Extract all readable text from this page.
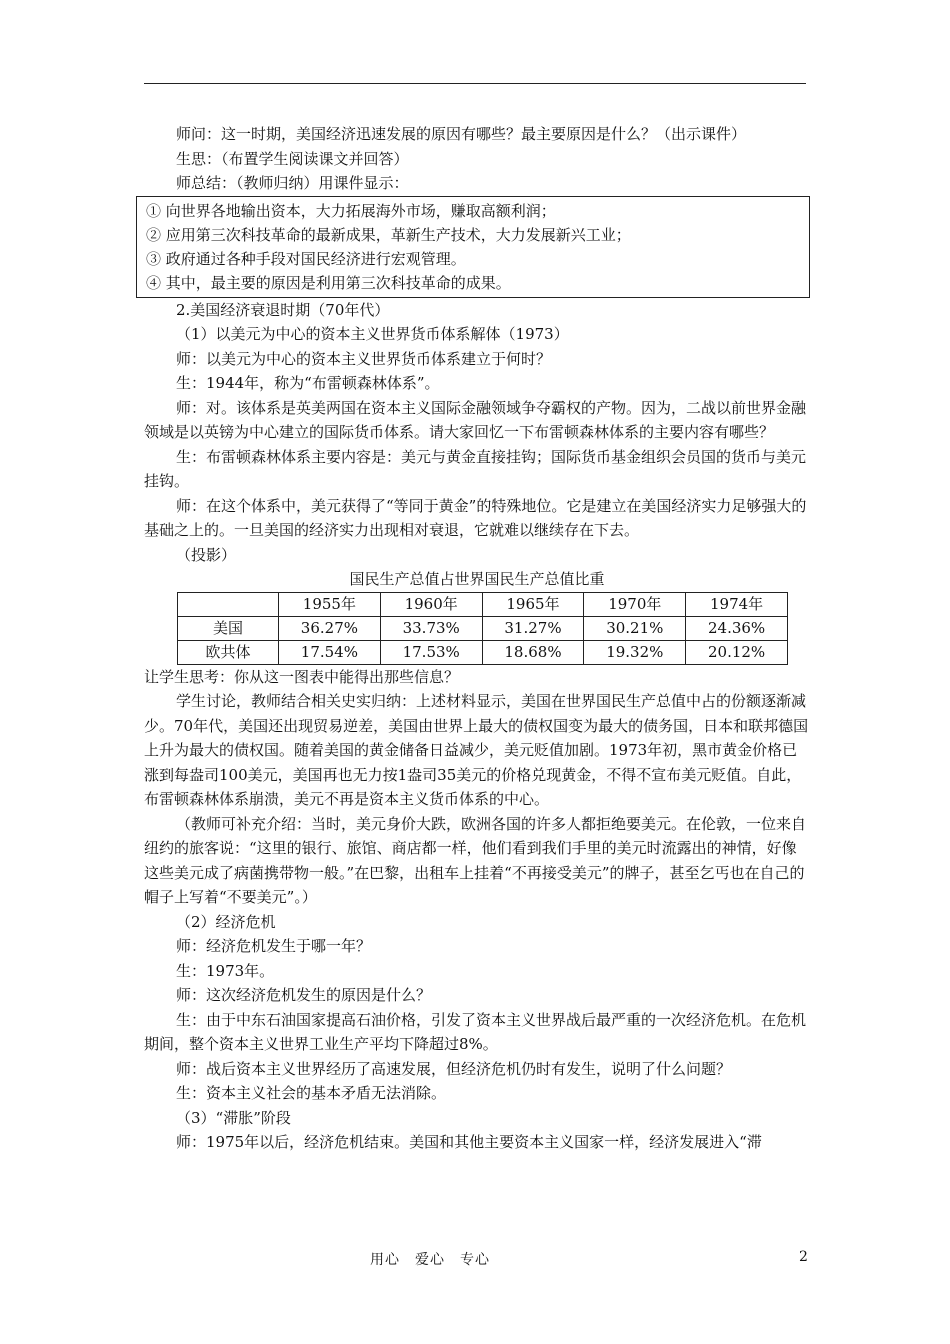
师问：这一时期，美国经济迅速发展的原因有哪些？最主要原因是什么？（出示课件）

生思：（布置学生阅读课文并回答）

师总结：（教师归纳）用课件显示：

① 向世界各地输出资本，大力拓展海外市场，赚取高额利润；

② 应用第三次科技革命的最新成果，革新生产技术，大力发展新兴工业；

③ 政府通过各种手段对国民经济进行宏观管理。

④ 其中，最主要的原因是利用第三次科技革命的成果。

2.美国经济衰退时期（70年代）

（1）以美元为中心的资本主义世界货币体系解体（1973）

师：以美元为中心的资本主义世界货币体系建立于何时？

生：1944年，称为“布雷顿森林体系”。

师：对。该体系是英美两国在资本主义国际金融领域争夺霸权的产物。因为，二战以前世界金融领域是以英镑为中心建立的国际货币体系。请大家回忆一下布雷顿森林体系的主要内容有哪些？

生：布雷顿森林体系主要内容是：美元与黄金直接挂钩；国际货币基金组织会员国的货币与美元挂钩。

师：在这个体系中，美元获得了“等同于黄金”的特殊地位。它是建立在美国经济实力足够强大的基础之上的。一旦美国的经济实力出现相对衰退，它就难以继续存在下去。

（投影）

国民生产总值占世界国民生产总值比重

	1955年	1960年	1965年	1970年	1974年
美国	36.27%	33.73%	31.27%	30.21%	24.36%
欧共体	17.54%	17.53%	18.68%	19.32%	20.12%

让学生思考：你从这一图表中能得出那些信息？

学生讨论，教师结合相关史实归纳：上述材料显示，美国在世界国民生产总值中占的份额逐渐减少。70年代，美国还出现贸易逆差，美国由世界上最大的债权国变为最大的债务国，日本和联邦德国上升为最大的债权国。随着美国的黄金储备日益减少，美元贬值加剧。1973年初，黑市黄金价格已涨到每盎司100美元，美国再也无力按1盎司35美元的价格兑现黄金，不得不宣布美元贬值。自此，布雷顿森林体系崩溃，美元不再是资本主义货币体系的中心。

（教师可补充介绍：当时，美元身价大跌，欧洲各国的许多人都拒绝要美元。在伦敦，一位来自纽约的旅客说：“这里的银行、旅馆、商店都一样，他们看到我们手里的美元时流露出的神情，好像这些美元成了病菌携带物一般。”在巴黎，出租车上挂着“不再接受美元”的牌子，甚至乞丐也在自己的帽子上写着“不要美元”。）

（2）经济危机

师：经济危机发生于哪一年？

生：1973年。

师：这次经济危机发生的原因是什么？

生：由于中东石油国家提高石油价格，引发了资本主义世界战后最严重的一次经济危机。在危机期间，整个资本主义世界工业生产平均下降超过8%。

师：战后资本主义世界经历了高速发展，但经济危机仍时有发生，说明了什么问题？

生：资本主义社会的基本矛盾无法消除。

（3）“滞胀”阶段

师：1975年以后，经济危机结束。美国和其他主要资本主义国家一样，经济发展进入“滞

用心　爱心　专心	2
